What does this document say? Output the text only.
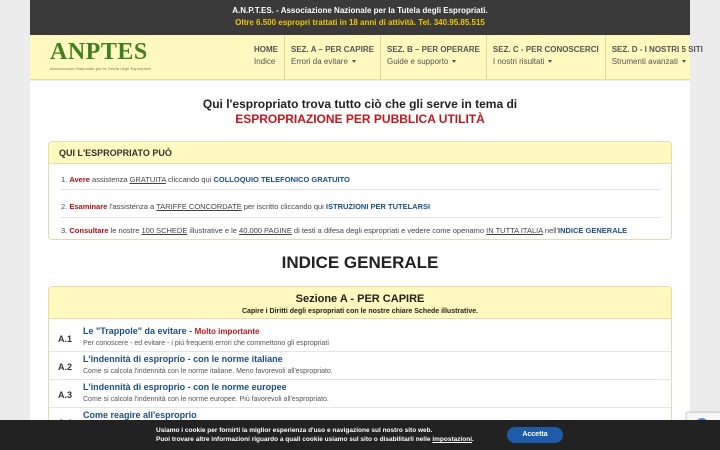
A.N.P.T.ES. - Associazione Nazionale per la Tutela degli Espropriati.
Oltre 6.500 espropri trattati in 18 anni di attività. Tel. 340.95.85.515
ANPTES
Associazione Nazionale per la Tutela degli Espropriati
HOME
Indice
SEZ. A – PER CAPIRE
Errori da evitare
SEZ. B – PER OPERARE
Guide e supporto
SEZ. C - PER CONOSCERCI
I nostri risultati
SEZ. D - I NOSTRI 5 SITI
Strumenti avanzati
Qui l'espropriato trova tutto ciò che gli serve in tema di
ESPROPRIAZIONE PER PUBBLICA UTILITÀ
QUI L'ESPROPRIATO PUÒ
1. Avere assistenza GRATUITA cliccando qui COLLOQUIO TELEFONICO GRATUITO
2. Esaminare l'assistenza a TARIFFE CONCORDATE per iscritto cliccando qui ISTRUZIONI PER TUTELARSI
3. Consultare le nostre 100 SCHEDE illustrative e le 40.000 PAGINE di testi a difesa degli espropriati e vedere come operiamo IN TUTTA ITALIA nell'INDICE GENERALE
INDICE GENERALE
Sezione A - PER CAPIRE
Capire i Diritti degli espropriati con le nostre chiare Schede illustrative.
A.1
Le "Trappole" da evitare - Molto importante
Per conoscere - ed evitare - i più frequenti errori che commettono gli espropriati
A.2
L'indennità di esproprio - con le norme italiane
Come si calcola l'indennità con le norme italiane. Meno favorevoli all'espropriato.
A.3
L'indennità di esproprio - con le norme europee
Come si calcola l'indennità con le norme europee. Più favorevoli all'espropriato.
Come reagire all'esproprio
Usiamo i cookie per fornirti la miglior esperienza d'uso e navigazione sul nostro sito web.
Puoi trovare altre informazioni riguardo a quali cookie usiamo sul sito o disabilitarli nelle impostazioni.
Accetta
